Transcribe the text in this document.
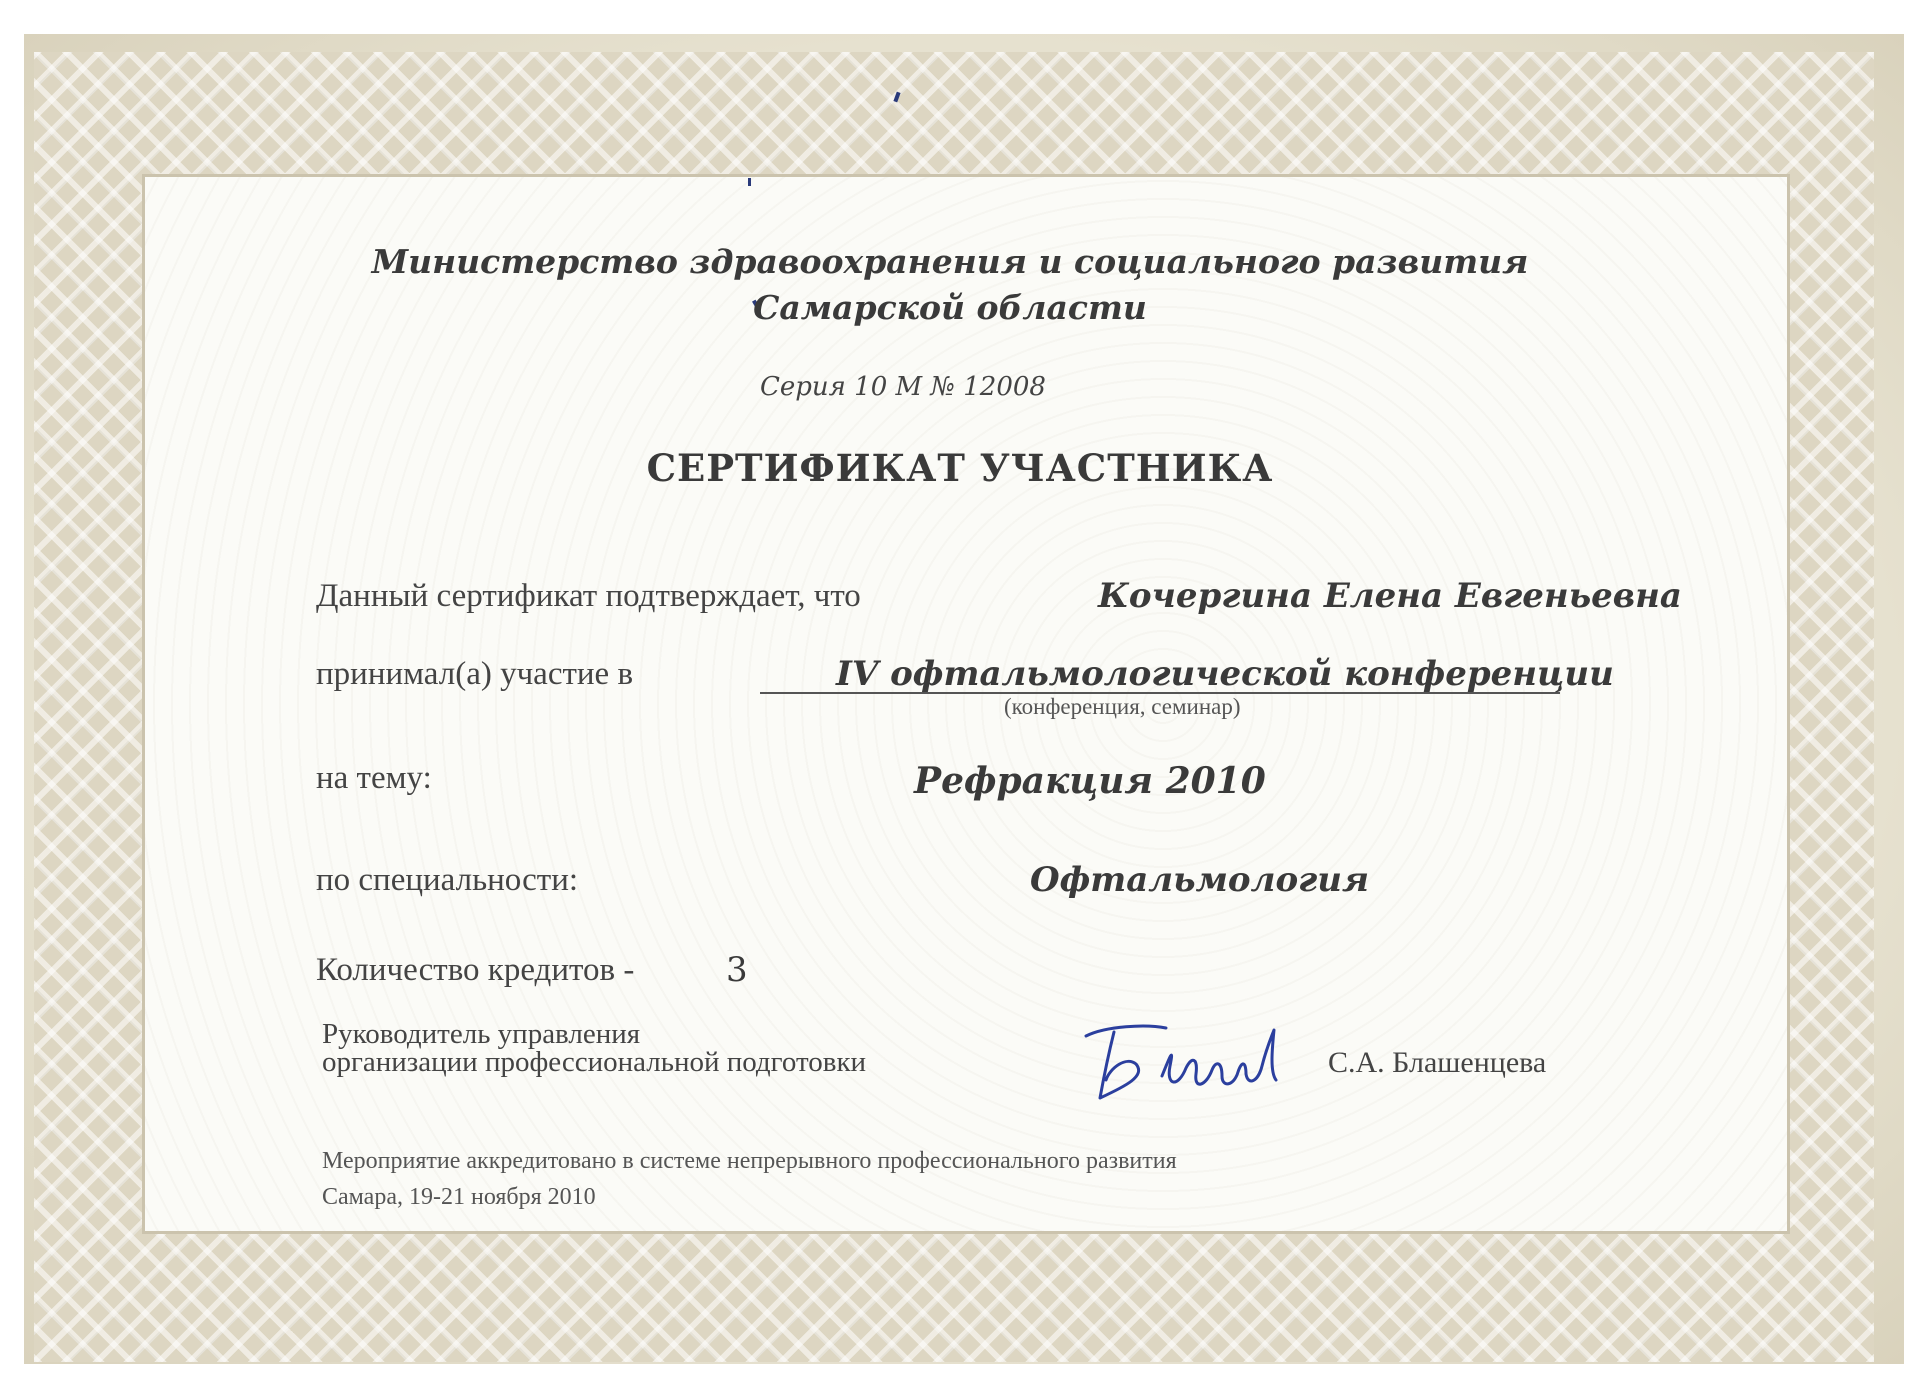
Министерство здравоохранения и социального развития
Самарской области
Серия 10 М № 12008
СЕРТИФИКАТ УЧАСТНИКА
Данный сертификат подтверждает, что	Кочергина Елена Евгеньевна
принимал(а) участие в	IV офтальмологической конференции
(конференция, семинар)
на тему:	Рефракция 2010
по специальности:	Офтальмология
Количество кредитов -	3
Руководитель управления
организации профессиональной подготовки	С.А. Блашенцева
Мероприятие аккредитовано в системе непрерывного профессионального развития
Самара, 19-21 ноября 2010
